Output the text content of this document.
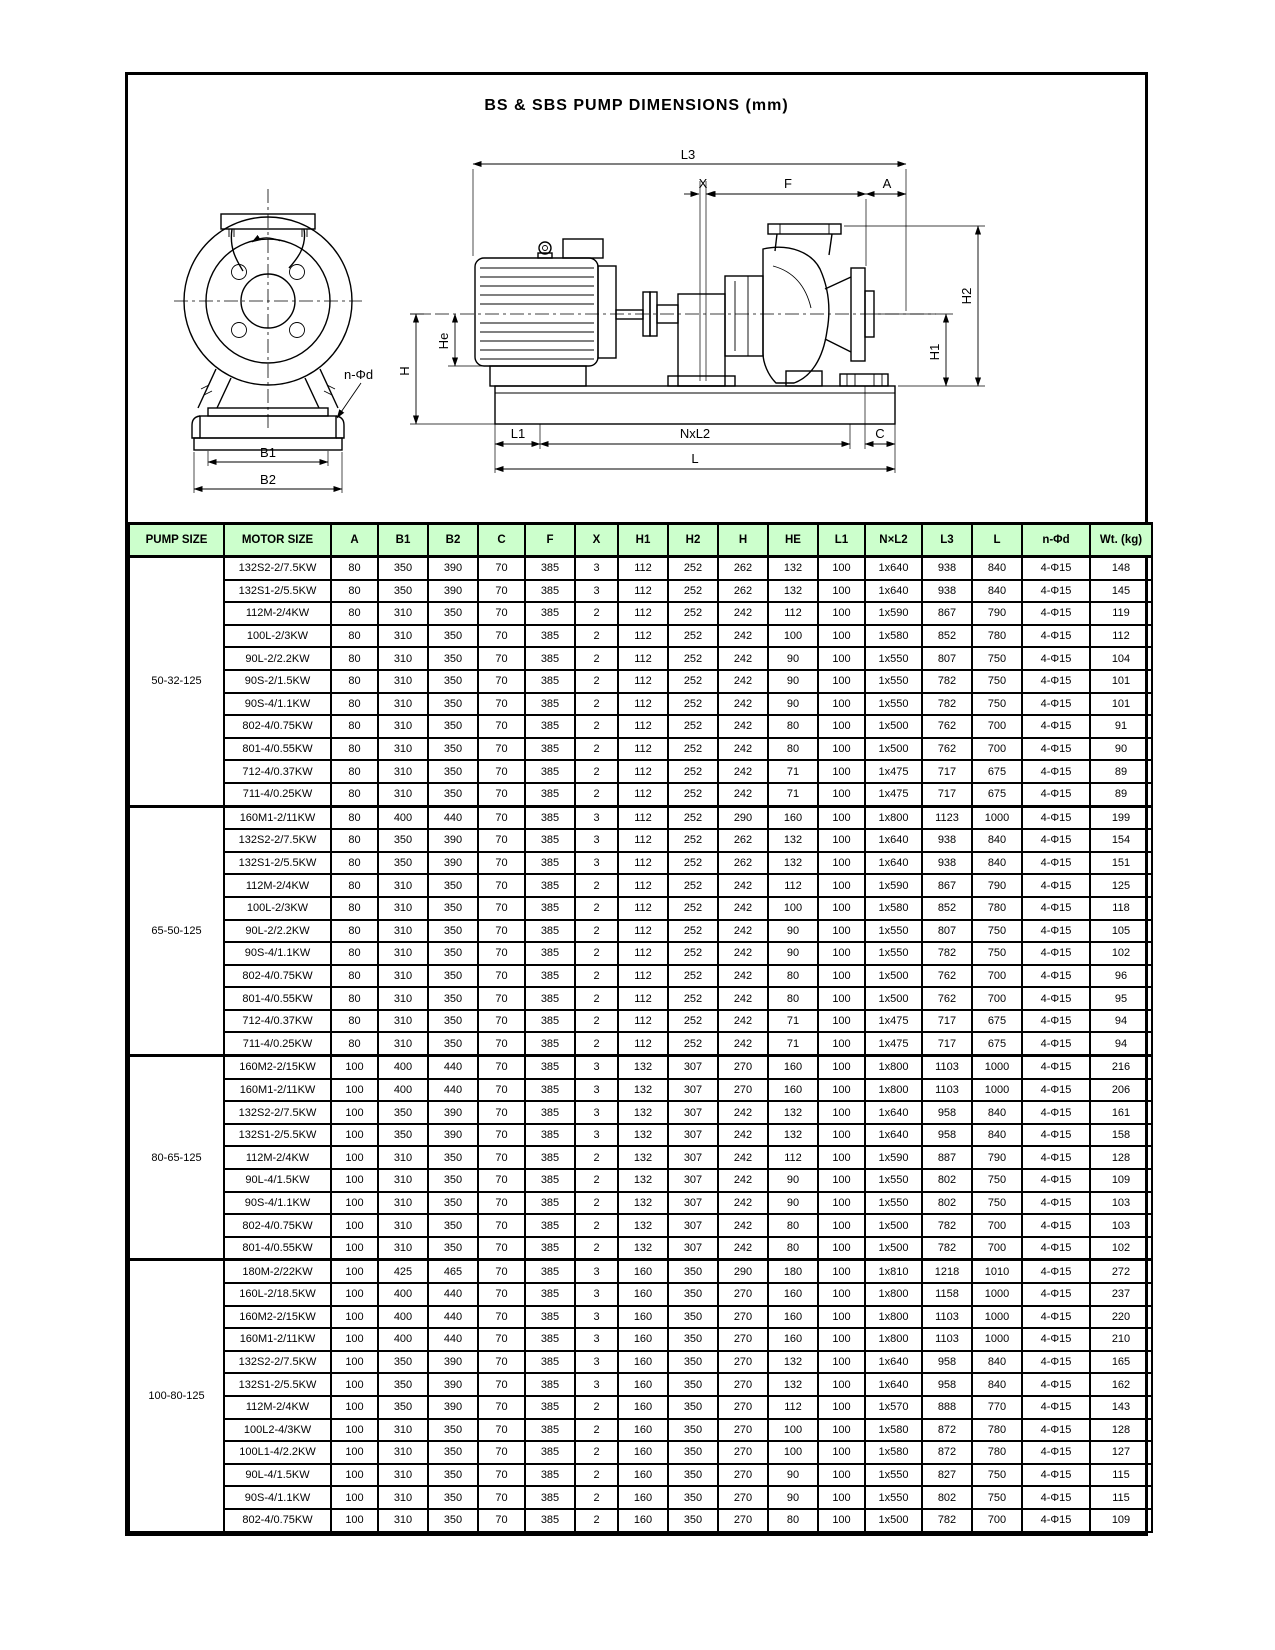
BS & SBS PUMP DIMENSIONS (mm)
B1
B2
n-Φd
L3
X	F	A
H2
H1
H
He
L1	NxL2	C
L
PUMP SIZE	MOTOR SIZE	A	B1	B2	C	F	X	H1	H2	H	HE	L1	N×L2	L3	L	n-Φd	Wt. (kg)
50-32-125	132S2-2/7.5KW	80	350	390	70	385	3	112	252	262	132	100	1x640	938	840	4-Φ15	148
	132S1-2/5.5KW	80	350	390	70	385	3	112	252	262	132	100	1x640	938	840	4-Φ15	145
	112M-2/4KW	80	310	350	70	385	2	112	252	242	112	100	1x590	867	790	4-Φ15	119
	100L-2/3KW	80	310	350	70	385	2	112	252	242	100	100	1x580	852	780	4-Φ15	112
	90L-2/2.2KW	80	310	350	70	385	2	112	252	242	90	100	1x550	807	750	4-Φ15	104
	90S-2/1.5KW	80	310	350	70	385	2	112	252	242	90	100	1x550	782	750	4-Φ15	101
	90S-4/1.1KW	80	310	350	70	385	2	112	252	242	90	100	1x550	782	750	4-Φ15	101
	802-4/0.75KW	80	310	350	70	385	2	112	252	242	80	100	1x500	762	700	4-Φ15	91
	801-4/0.55KW	80	310	350	70	385	2	112	252	242	80	100	1x500	762	700	4-Φ15	90
	712-4/0.37KW	80	310	350	70	385	2	112	252	242	71	100	1x475	717	675	4-Φ15	89
	711-4/0.25KW	80	310	350	70	385	2	112	252	242	71	100	1x475	717	675	4-Φ15	89
65-50-125	160M1-2/11KW	80	400	440	70	385	3	112	252	290	160	100	1x800	1123	1000	4-Φ15	199
	132S2-2/7.5KW	80	350	390	70	385	3	112	252	262	132	100	1x640	938	840	4-Φ15	154
	132S1-2/5.5KW	80	350	390	70	385	3	112	252	262	132	100	1x640	938	840	4-Φ15	151
	112M-2/4KW	80	310	350	70	385	2	112	252	242	112	100	1x590	867	790	4-Φ15	125
	100L-2/3KW	80	310	350	70	385	2	112	252	242	100	100	1x580	852	780	4-Φ15	118
	90L-2/2.2KW	80	310	350	70	385	2	112	252	242	90	100	1x550	807	750	4-Φ15	105
	90S-4/1.1KW	80	310	350	70	385	2	112	252	242	90	100	1x550	782	750	4-Φ15	102
	802-4/0.75KW	80	310	350	70	385	2	112	252	242	80	100	1x500	762	700	4-Φ15	96
	801-4/0.55KW	80	310	350	70	385	2	112	252	242	80	100	1x500	762	700	4-Φ15	95
	712-4/0.37KW	80	310	350	70	385	2	112	252	242	71	100	1x475	717	675	4-Φ15	94
	711-4/0.25KW	80	310	350	70	385	2	112	252	242	71	100	1x475	717	675	4-Φ15	94
80-65-125	160M2-2/15KW	100	400	440	70	385	3	132	307	270	160	100	1x800	1103	1000	4-Φ15	216
	160M1-2/11KW	100	400	440	70	385	3	132	307	270	160	100	1x800	1103	1000	4-Φ15	206
	132S2-2/7.5KW	100	350	390	70	385	3	132	307	242	132	100	1x640	958	840	4-Φ15	161
	132S1-2/5.5KW	100	350	390	70	385	3	132	307	242	132	100	1x640	958	840	4-Φ15	158
	112M-2/4KW	100	310	350	70	385	2	132	307	242	112	100	1x590	887	790	4-Φ15	128
	90L-4/1.5KW	100	310	350	70	385	2	132	307	242	90	100	1x550	802	750	4-Φ15	109
	90S-4/1.1KW	100	310	350	70	385	2	132	307	242	90	100	1x550	802	750	4-Φ15	103
	802-4/0.75KW	100	310	350	70	385	2	132	307	242	80	100	1x500	782	700	4-Φ15	103
	801-4/0.55KW	100	310	350	70	385	2	132	307	242	80	100	1x500	782	700	4-Φ15	102
100-80-125	180M-2/22KW	100	425	465	70	385	3	160	350	290	180	100	1x810	1218	1010	4-Φ15	272
	160L-2/18.5KW	100	400	440	70	385	3	160	350	270	160	100	1x800	1158	1000	4-Φ15	237
	160M2-2/15KW	100	400	440	70	385	3	160	350	270	160	100	1x800	1103	1000	4-Φ15	220
	160M1-2/11KW	100	400	440	70	385	3	160	350	270	160	100	1x800	1103	1000	4-Φ15	210
	132S2-2/7.5KW	100	350	390	70	385	3	160	350	270	132	100	1x640	958	840	4-Φ15	165
	132S1-2/5.5KW	100	350	390	70	385	3	160	350	270	132	100	1x640	958	840	4-Φ15	162
	112M-2/4KW	100	350	390	70	385	2	160	350	270	112	100	1x570	888	770	4-Φ15	143
	100L2-4/3KW	100	310	350	70	385	2	160	350	270	100	100	1x580	872	780	4-Φ15	128
	100L1-4/2.2KW	100	310	350	70	385	2	160	350	270	100	100	1x580	872	780	4-Φ15	127
	90L-4/1.5KW	100	310	350	70	385	2	160	350	270	90	100	1x550	827	750	4-Φ15	115
	90S-4/1.1KW	100	310	350	70	385	2	160	350	270	90	100	1x550	802	750	4-Φ15	115
	802-4/0.75KW	100	310	350	70	385	2	160	350	270	80	100	1x500	782	700	4-Φ15	109
